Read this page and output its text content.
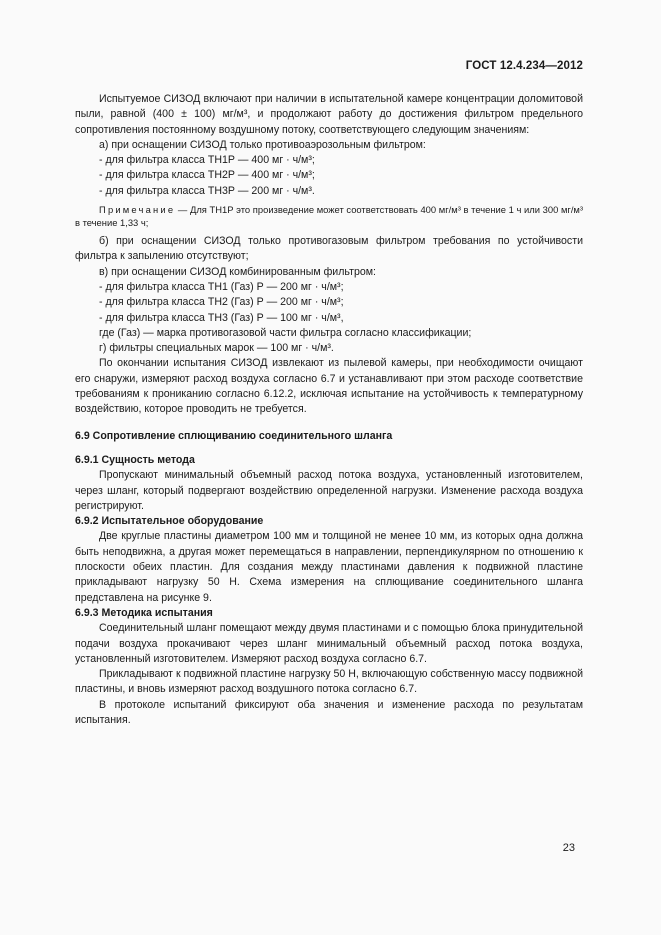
ГОСТ 12.4.234—2012

Испытуемое СИЗОД включают при наличии в испытательной камере концентрации доломитовой пыли, равной (400 ± 100) мг/м³, и продолжают работу до достижения фильтром предельного сопротивления постоянному воздушному потоку, соответствующего следующим значениям:

а) при оснащении СИЗОД только противоаэрозольным фильтром:

- для фильтра класса ТН1Р — 400 мг · ч/м³;

- для фильтра класса ТН2Р — 400 мг · ч/м³;

- для фильтра класса ТН3Р — 200 мг · ч/м³.

Примечание — Для ТН1Р это произведение может соответствовать 400 мг/м³ в течение 1 ч или 300 мг/м³ в течение 1,33 ч;

б) при оснащении СИЗОД только противогазовым фильтром требования по устойчивости фильтра к запылению отсутствуют;

в) при оснащении СИЗОД комбинированным фильтром:

- для фильтра класса ТН1 (Газ) Р — 200 мг · ч/м³;

- для фильтра класса ТН2 (Газ) Р — 200 мг · ч/м³;

- для фильтра класса ТН3 (Газ) Р — 100 мг · ч/м³,

где (Газ) — марка противогазовой части фильтра согласно классификации;

г) фильтры специальных марок — 100 мг · ч/м³.

По окончании испытания СИЗОД извлекают из пылевой камеры, при необходимости очищают его снаружи, измеряют расход воздуха согласно 6.7 и устанавливают при этом расходе соответствие требованиям к прониканию согласно 6.12.2, исключая испытание на устойчивость к температурному воздействию, которое проводить не требуется.

6.9 Сопротивление сплющиванию соединительного шланга

6.9.1 Сущность метода

Пропускают минимальный объемный расход потока воздуха, установленный изготовителем, через шланг, который подвергают воздействию определенной нагрузки. Изменение расхода воздуха регистрируют.

6.9.2 Испытательное оборудование

Две круглые пластины диаметром 100 мм и толщиной не менее 10 мм, из которых одна должна быть неподвижна, а другая может перемещаться в направлении, перпендикулярном по отношению к плоскости обеих пластин. Для создания между пластинами давления к подвижной пластине прикладывают нагрузку 50 Н. Схема измерения на сплющивание соединительного шланга представлена на рисунке 9.

6.9.3 Методика испытания

Соединительный шланг помещают между двумя пластинами и с помощью блока принудительной подачи воздуха прокачивают через шланг минимальный объемный расход потока воздуха, установленный изготовителем. Измеряют расход воздуха согласно 6.7.

Прикладывают к подвижной пластине нагрузку 50 Н, включающую собственную массу подвижной пластины, и вновь измеряют расход воздушного потока согласно 6.7.

В протоколе испытаний фиксируют оба значения и изменение расхода по результатам испытания.

23
